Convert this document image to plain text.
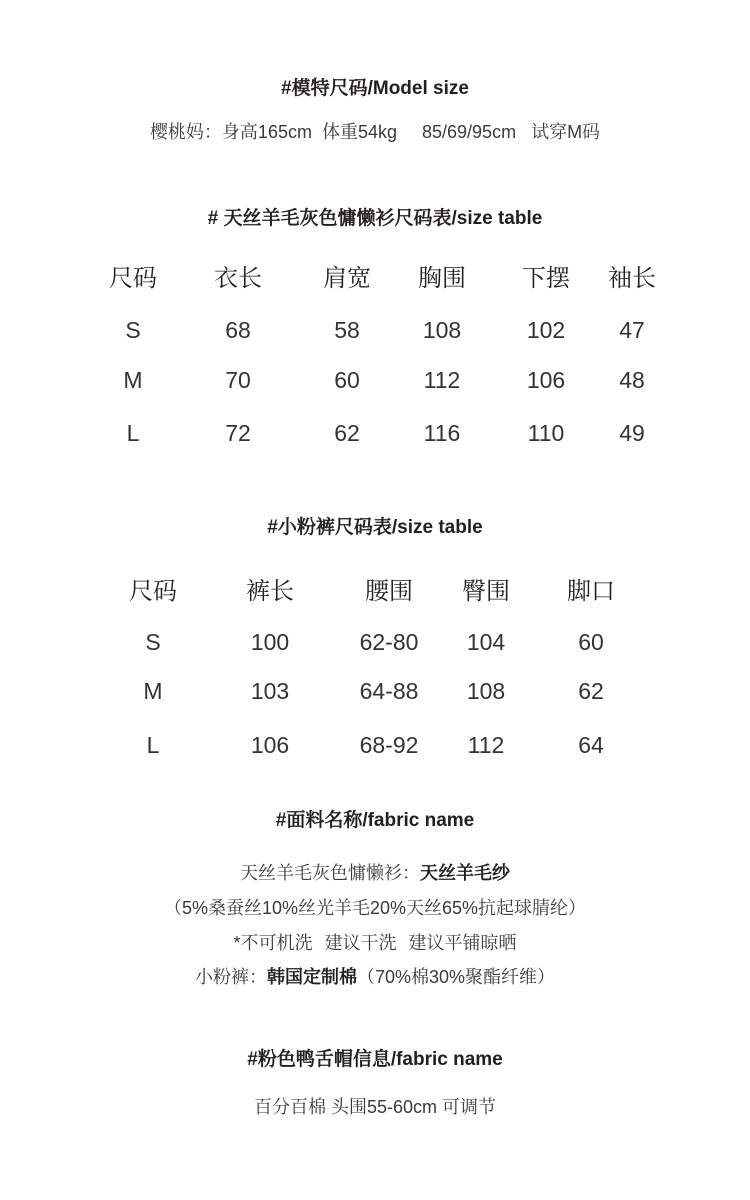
#模特尺码/Model size
樱桃妈：身高165cm  体重54kg     85/69/95cm   试穿M码
# 天丝羊毛灰色慵懒衫尺码表/size table
尺码	衣长	肩宽	胸围	下摆	袖长
S	68	58	108	102	47
M	70	60	112	106	48
L	72	62	116	110	49
#小粉裤尺码表/size table
尺码	裤长	腰围	臀围	脚口
S	100	62-80	104	60
M	103	64-88	108	62
L	106	68-92	112	64
#面料名称/fabric name
天丝羊毛灰色慵懒衫：天丝羊毛纱
（5%桑蚕丝10%丝光羊毛20%天丝65%抗起球腈纶）
*不可机洗 建议干洗 建议平铺晾晒
小粉裤：韩国定制棉（70%棉30%聚酯纤维）
#粉色鸭舌帽信息/fabric name
百分百棉 头围55-60cm 可调节
